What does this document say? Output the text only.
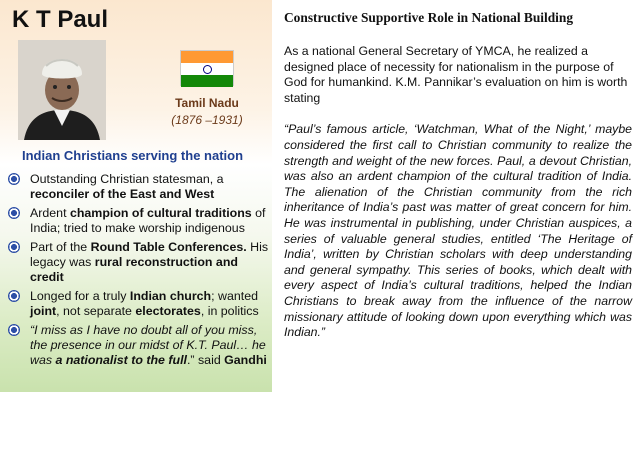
K T Paul
Tamil Nadu
(1876 –1931)
Indian Christians serving the nation
Outstanding Christian statesman, a reconciler of the East and West
Ardent champion of cultural traditions of India; tried to make worship indigenous
Part of the Round Table Conferences. His legacy was rural reconstruction and credit
Longed for a truly Indian church; wanted joint, not separate electorates, in politics
“I miss as I have no doubt all of you miss, the presence in our midst of K.T. Paul… he was a nationalist to the full.” said Gandhi
Constructive Supportive Role in National Building

As a national General Secretary of YMCA, he realized a designed place of necessity for nationalism in the purpose of God for humankind. K.M. Pannikar’s evaluation on him is worth stating

“Paul’s famous article, ‘Watchman, What of the Night,’ maybe considered the first call to Christian community to realize the strength and weight of the new forces. Paul, a devout Christian, was also an ardent champion of the cultural tradition of India. The alienation of the Christian community from the rich inheritance of India’s past was matter of great concern for him. He was instrumental in publishing, under Christian auspices, a series of valuable general studies, entitled ‘The Heritage of India’, written by Christian scholars with deep understanding and general sympathy. This series of books, which dealt with every aspect of India’s cultural traditions, helped the Indian Christians to break away from the influence of the narrow missionary attitude of looking down upon everything which was Indian.”
